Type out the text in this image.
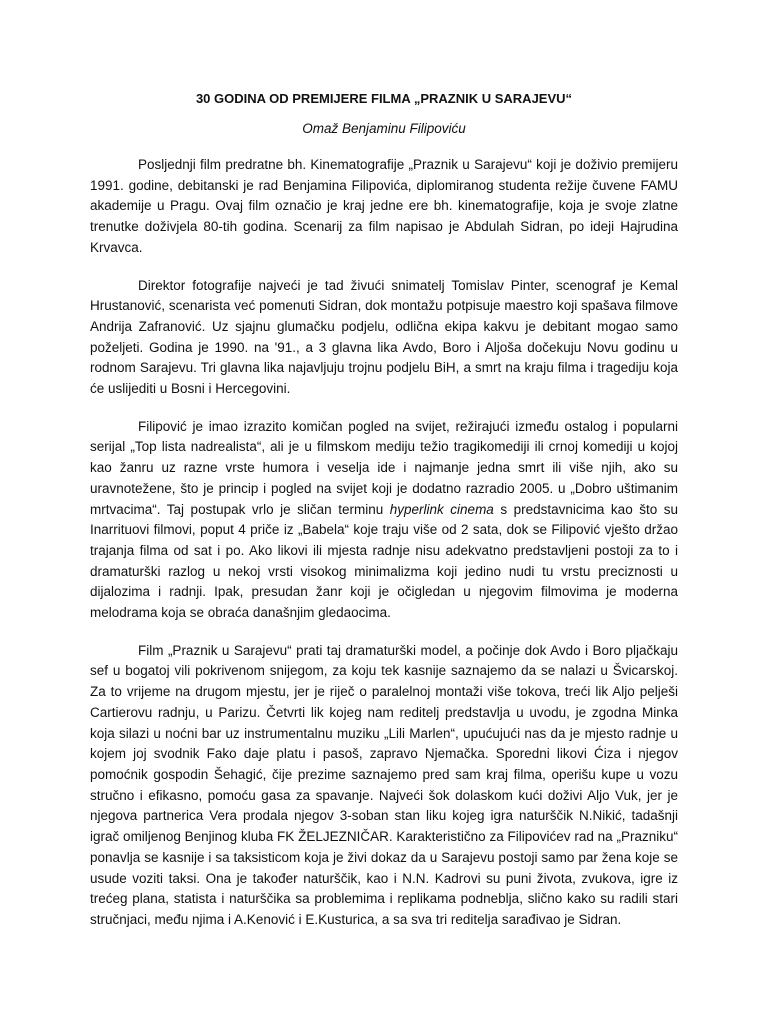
30 GODINA OD PREMIJERE FILMA „PRAZNIK U SARAJEVU“
Omaž Benjaminu Filipoviću

Posljednji film predratne bh. Kinematografije „Praznik u Sarajevu“ koji je doživio premijeru 1991. godine, debitanski je rad Benjamina Filipovića, diplomiranog studenta režije čuvene FAMU akademije u Pragu. Ovaj film označio je kraj jedne ere bh. kinematografije, koja je svoje zlatne trenutke doživjela 80-tih godina. Scenarij za film napisao je Abdulah Sidran, po ideji Hajrudina Krvavca.

Direktor fotografije najveći je tad živući snimatelj Tomislav Pinter, scenograf je Kemal Hrustanović, scenarista već pomenuti Sidran, dok montažu potpisuje maestro koji spašava filmove Andrija Zafranović. Uz sjajnu glumačku podjelu, odlična ekipa kakvu je debitant mogao samo poželjeti. Godina je 1990. na '91., a 3 glavna lika Avdo, Boro i Aljoša dočekuju Novu godinu u rodnom Sarajevu. Tri glavna lika najavljuju trojnu podjelu BiH, a smrt na kraju filma i tragediju koja će uslijediti u Bosni i Hercegovini.

Filipović je imao izrazito komičan pogled na svijet, režirajući između ostalog i popularni serijal „Top lista nadrealista“, ali je u filmskom mediju težio tragikomediji ili crnoj komediji u kojoj kao žanru uz razne vrste humora i veselja ide i najmanje jedna smrt ili više njih, ako su uravnotežene, što je princip i pogled na svijet koji je dodatno razradio 2005. u „Dobro uštimanim mrtvacima“. Taj postupak vrlo je sličan terminu hyperlink cinema s predstavnicima kao što su Inarrituovi filmovi, poput 4 priče iz „Babela“ koje traju više od 2 sata, dok se Filipović vješto držao trajanja filma od sat i po. Ako likovi ili mjesta radnje nisu adekvatno predstavljeni postoji za to i dramaturški razlog u nekoj vrsti visokog minimalizma koji jedino nudi tu vrstu preciznosti u dijalozima i radnji. Ipak, presudan žanr koji je očigledan u njegovim filmovima je moderna melodrama koja se obraća današnjim gledaocima.

Film „Praznik u Sarajevu“ prati taj dramaturški model, a počinje dok Avdo i Boro pljačkaju sef u bogatoj vili pokrivenom snijegom, za koju tek kasnije saznajemo da se nalazi u Švicarskoj. Za to vrijeme na drugom mjestu, jer je riječ o paralelnoj montaži više tokova, treći lik Aljo pelješi Cartierovu radnju, u Parizu. Četvrti lik kojeg nam reditelj predstavlja u uvodu, je zgodna Minka koja silazi u noćni bar uz instrumentalnu muziku „Lili Marlen“, upućujući nas da je mjesto radnje u kojem joj svodnik Fako daje platu i pasoš, zapravo Njemačka. Sporedni likovi Ćiza i njegov pomoćnik gospodin Šehagić, čije prezime saznajemo pred sam kraj filma, operišu kupe u vozu stručno i efikasno, pomoću gasa za spavanje. Najveći šok dolaskom kući doživi Aljo Vuk, jer je njegova partnerica Vera prodala njegov 3-soban stan liku kojeg igra naturščik N.Nikić, tadašnji igrač omiljenog Benjinog kluba FK ŽELJEZNIČAR. Karakteristično za Filipovićev rad na „Prazniku“ ponavlja se kasnije i sa taksisticom koja je živi dokaz da u Sarajevu postoji samo par žena koje se usude voziti taksi. Ona je također naturščik, kao i N.N. Kadrovi su puni života, zvukova, igre iz trećeg plana, statista i naturščika sa problemima i replikama podnebljа, slično kako su radili stari stručnjaci, među njima i A.Kenović i E.Kusturica, a sa sva tri reditelja sarađivao je Sidran.
